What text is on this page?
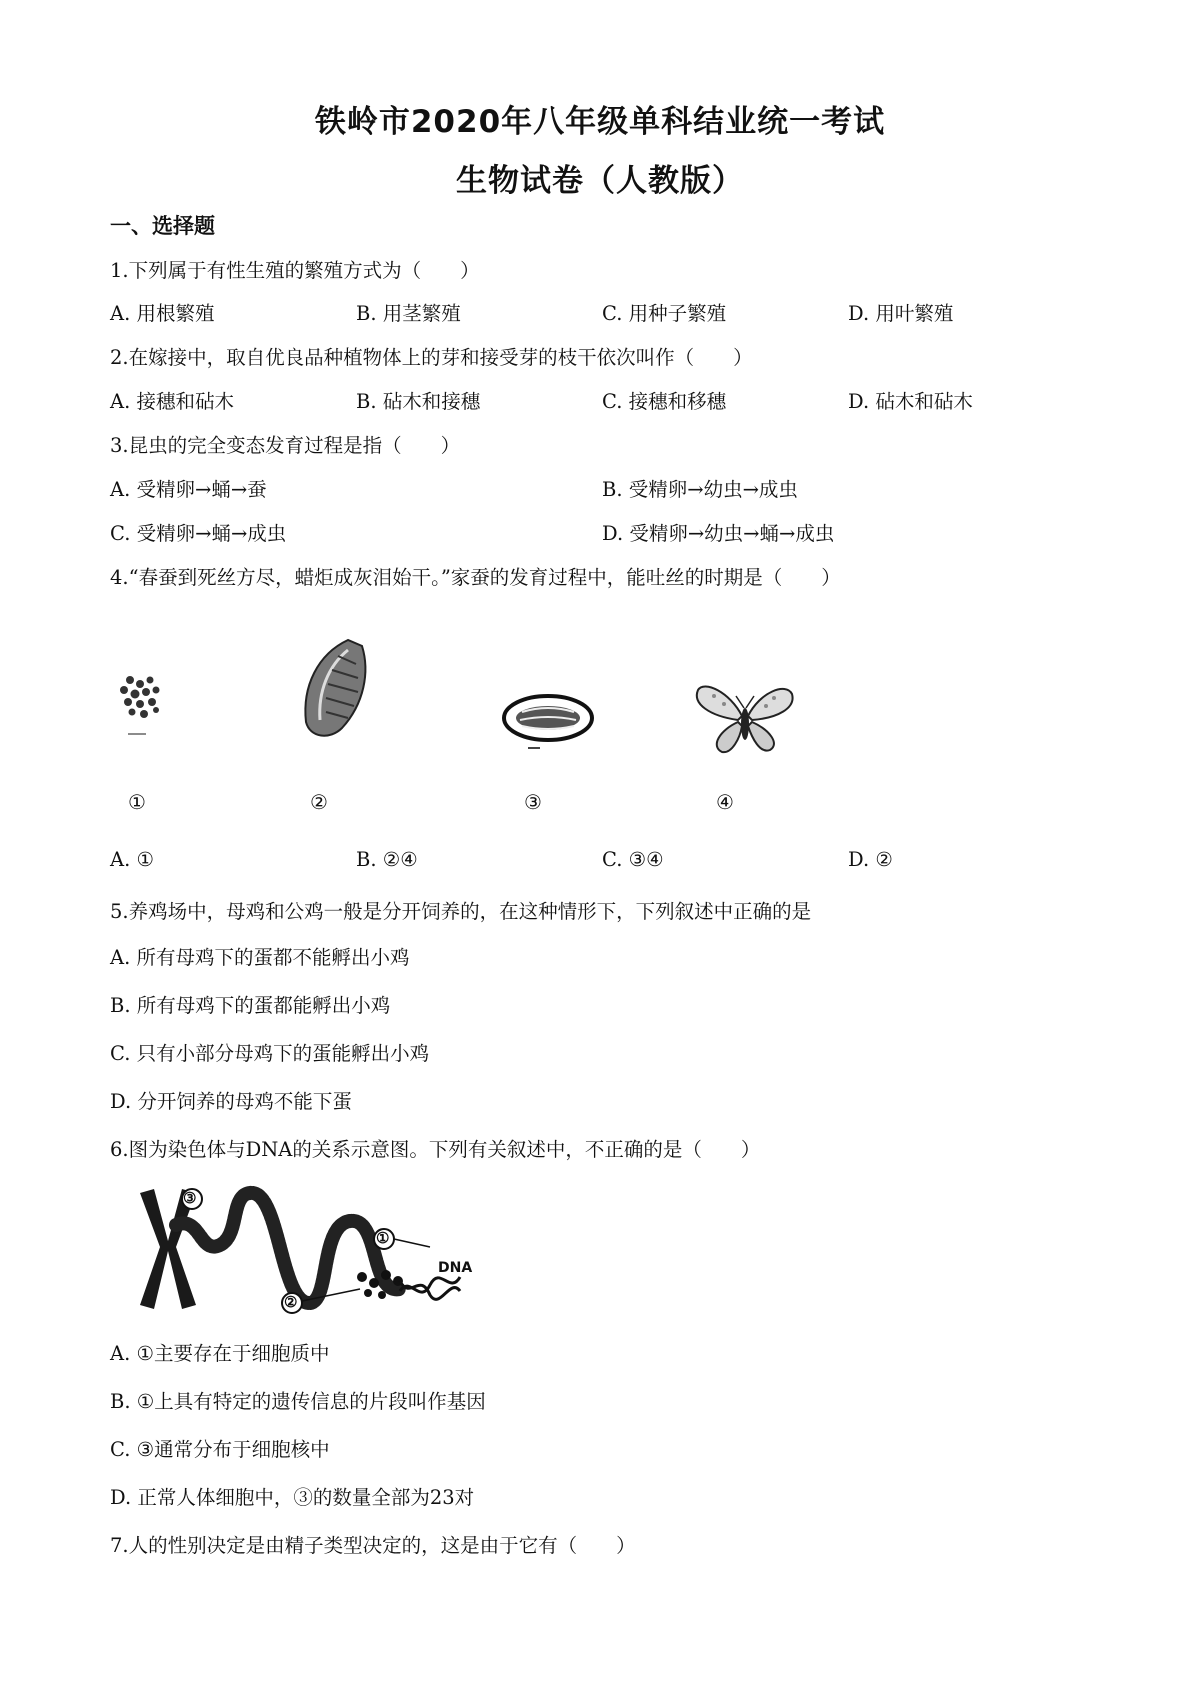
铁岭市2020年八年级单科结业统一考试
生物试卷（人教版）
一、选择题
1.下列属于有性生殖的繁殖方式为（　　）
A. 用根繁殖	B. 用茎繁殖	C. 用种子繁殖	D. 用叶繁殖
2.在嫁接中，取自优良品种植物体上的芽和接受芽的枝干依次叫作（　　）
A. 接穗和砧木	B. 砧木和接穗	C. 接穗和移穗	D. 砧木和砧木
3.昆虫的完全变态发育过程是指（　　）
A. 受精卵→蛹→蚕	B. 受精卵→幼虫→成虫
C. 受精卵→蛹→成虫	D. 受精卵→幼虫→蛹→成虫
4.“春蚕到死丝方尽，蜡炬成灰泪始干。”家蚕的发育过程中，能吐丝的时期是（　　）
①	②	③	④
A. ①	B. ②④	C. ③④	D. ②
5.养鸡场中，母鸡和公鸡一般是分开饲养的，在这种情形下，下列叙述中正确的是
A. 所有母鸡下的蛋都不能孵出小鸡
B. 所有母鸡下的蛋都能孵出小鸡
C. 只有小部分母鸡下的蛋能孵出小鸡
D. 分开饲养的母鸡不能下蛋
6.图为染色体与DNA的关系示意图。下列有关叙述中，不正确的是（　　）
③
①
②
DNA
A. ①主要存在于细胞质中
B. ①上具有特定的遗传信息的片段叫作基因
C. ③通常分布于细胞核中
D. 正常人体细胞中，③的数量全部为23对
7.人的性别决定是由精子类型决定的，这是由于它有（　　）
